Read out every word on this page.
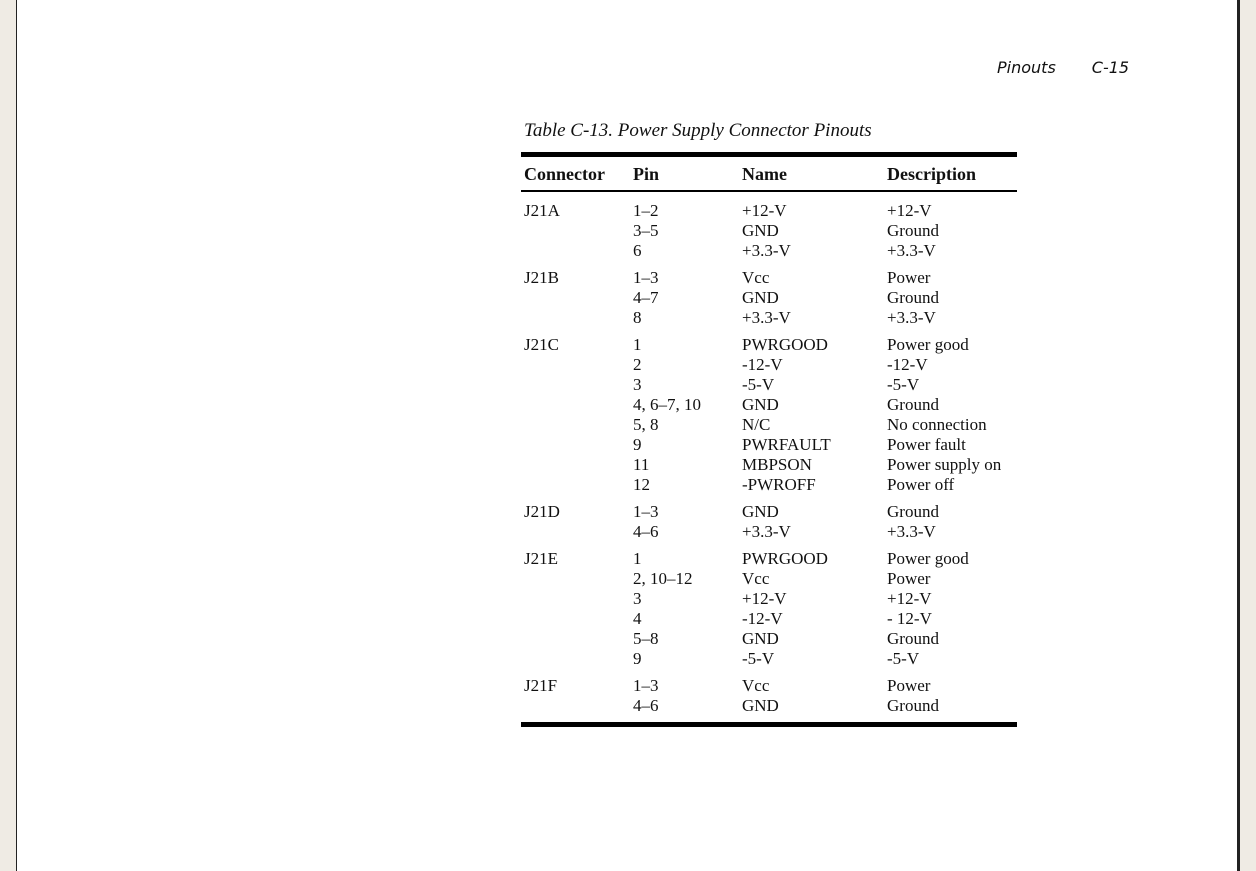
Pinouts C-15
Table C-13. Power Supply Connector Pinouts
Connector	Pin	Name	Description
J21A	1–2	+12-V	+12-V
	3–5	GND	Ground
	6	+3.3-V	+3.3-V
J21B	1–3	Vcc	Power
	4–7	GND	Ground
	8	+3.3-V	+3.3-V
J21C	1	PWRGOOD	Power good
	2	-12-V	-12-V
	3	-5-V	-5-V
	4, 6–7, 10	GND	Ground
	5, 8	N/C	No connection
	9	PWRFAULT	Power fault
	11	MBPSON	Power supply on
	12	-PWROFF	Power off
J21D	1–3	GND	Ground
	4–6	+3.3-V	+3.3-V
J21E	1	PWRGOOD	Power good
	2, 10–12	Vcc	Power
	3	+12-V	+12-V
	4	-12-V	- 12-V
	5–8	GND	Ground
	9	-5-V	-5-V
J21F	1–3	Vcc	Power
	4–6	GND	Ground
